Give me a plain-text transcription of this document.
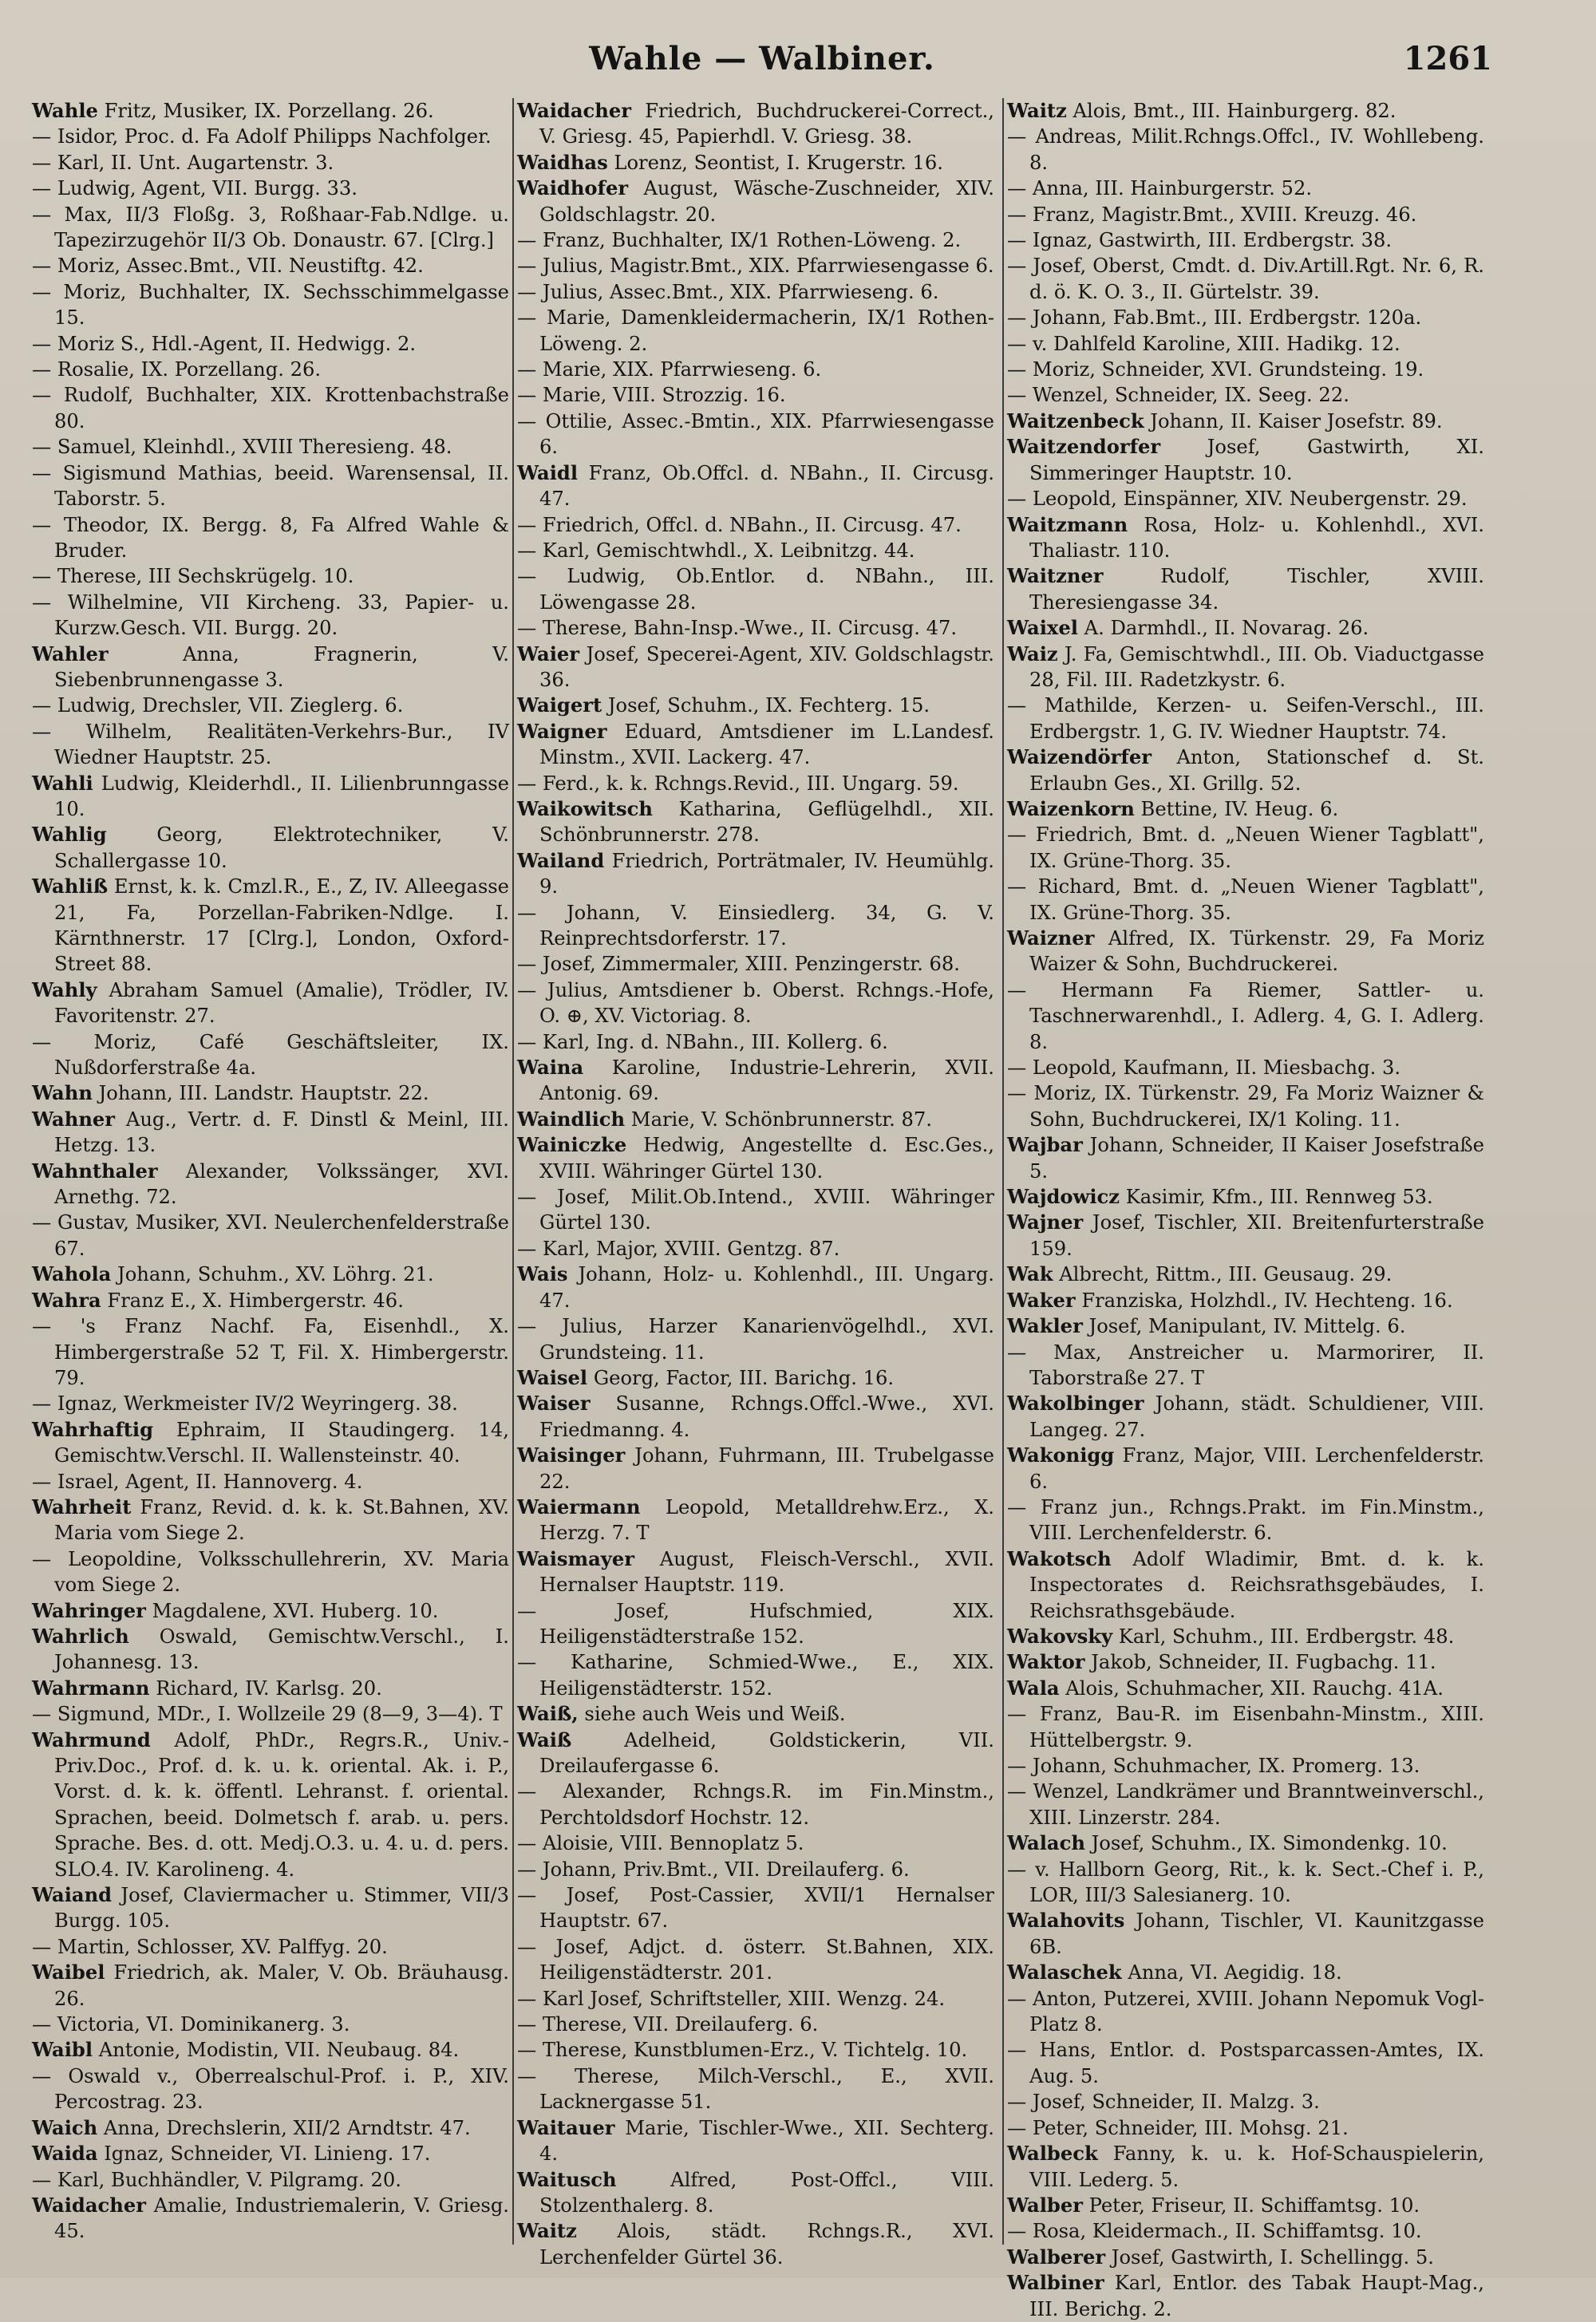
Wahle — Walbiner.	1261
Wahle Fritz, Musiker, IX. Porzellang. 26.
— Isidor, Proc. d. Fa Adolf Philipps Nachfolger.
— Karl, II. Unt. Augartenstr. 3.
— Ludwig, Agent, VII. Burgg. 33.
— Max, II/3 Floßg. 3, Roßhaar-Fab.Ndlge. u. Tapezirzugehör II/3 Ob. Donaustr. 67. [Clrg.]
— Moriz, Assec.Bmt., VII. Neustiftg. 42.
— Moriz, Buchhalter, IX. Sechsschimmelgasse 15.
— Moriz S., Hdl.-Agent, II. Hedwigg. 2.
— Rosalie, IX. Porzellang. 26.
— Rudolf, Buchhalter, XIX. Krottenbachstraße 80.
— Samuel, Kleinhdl., XVIII Theresieng. 48.
— Sigismund Mathias, beeid. Warensensal, II. Taborstr. 5.
— Theodor, IX. Bergg. 8, Fa Alfred Wahle & Bruder.
— Therese, III Sechskrügelg. 10.
— Wilhelmine, VII Kircheng. 33, Papier- u. Kurzw.Gesch. VII. Burgg. 20.
Wahler Anna, Fragnerin, V. Siebenbrunnengasse 3.
— Ludwig, Drechsler, VII. Zieglerg. 6.
— Wilhelm, Realitäten-Verkehrs-Bur., IV Wiedner Hauptstr. 25.
Wahli Ludwig, Kleiderhdl., II. Lilienbrunngasse 10.
Wahlig Georg, Elektrotechniker, V. Schallergasse 10.
Wahliß Ernst, k. k. Cmzl.R., E., Z, IV. Alleegasse 21, Fa, Porzellan-Fabriken-Ndlge. I. Kärnthnerstr. 17 [Clrg.], London, Oxford-Street 88.
Wahly Abraham Samuel (Amalie), Trödler, IV. Favoritenstr. 27.
— Moriz, Café Geschäftsleiter, IX. Nußdorferstraße 4a.
Wahn Johann, III. Landstr. Hauptstr. 22.
Wahner Aug., Vertr. d. F. Dinstl & Meinl, III. Hetzg. 13.
Wahnthaler Alexander, Volkssänger, XVI. Arnethg. 72.
— Gustav, Musiker, XVI. Neulerchenfelderstraße 67.
Wahola Johann, Schuhm., XV. Löhrg. 21.
Wahra Franz E., X. Himbergerstr. 46.
— 's Franz Nachf. Fa, Eisenhdl., X. Himbergerstraße 52 T, Fil. X. Himbergerstr. 79.
— Ignaz, Werkmeister IV/2 Weyringerg. 38.
Wahrhaftig Ephraim, II Staudingerg. 14, Gemischtw.Verschl. II. Wallensteinstr. 40.
— Israel, Agent, II. Hannoverg. 4.
Wahrheit Franz, Revid. d. k. k. St.Bahnen, XV. Maria vom Siege 2.
— Leopoldine, Volksschullehrerin, XV. Maria vom Siege 2.
Wahringer Magdalene, XVI. Huberg. 10.
Wahrlich Oswald, Gemischtw.Verschl., I. Johannesg. 13.
Wahrmann Richard, IV. Karlsg. 20.
— Sigmund, MDr., I. Wollzeile 29 (8—9, 3—4). T
Wahrmund Adolf, PhDr., Regrs.R., Univ.-Priv.Doc., Prof. d. k. u. k. oriental. Ak. i. P., Vorst. d. k. k. öffentl. Lehranst. f. oriental. Sprachen, beeid. Dolmetsch f. arab. u. pers. Sprache. Bes. d. ott. Medj.O.3. u. 4. u. d. pers. SLO.4. IV. Karolineng. 4.
Waiand Josef, Claviermacher u. Stimmer, VII/3 Burgg. 105.
— Martin, Schlosser, XV. Palffyg. 20.
Waibel Friedrich, ak. Maler, V. Ob. Bräuhausg. 26.
— Victoria, VI. Dominikanerg. 3.
Waibl Antonie, Modistin, VII. Neubaug. 84.
— Oswald v., Oberrealschul-Prof. i. P., XIV. Percostrag. 23.
Waich Anna, Drechslerin, XII/2 Arndtstr. 47.
Waida Ignaz, Schneider, VI. Linieng. 17.
— Karl, Buchhändler, V. Pilgramg. 20.
Waidacher Amalie, Industriemalerin, V. Griesg. 45.
Waidacher Friedrich, Buchdruckerei-Correct., V. Griesg. 45, Papierhdl. V. Griesg. 38.
Waidhas Lorenz, Seontist, I. Krugerstr. 16.
Waidhofer August, Wäsche-Zuschneider, XIV. Goldschlagstr. 20.
— Franz, Buchhalter, IX/1 Rothen-Löweng. 2.
— Julius, Magistr.Bmt., XIX. Pfarrwiesengasse 6.
— Julius, Assec.Bmt., XIX. Pfarrwieseng. 6.
— Marie, Damenkleidermacherin, IX/1 Rothen-Löweng. 2.
— Marie, XIX. Pfarrwieseng. 6.
— Marie, VIII. Strozzig. 16.
— Ottilie, Assec.-Bmtin., XIX. Pfarrwiesengasse 6.
Waidl Franz, Ob.Offcl. d. NBahn., II. Circusg. 47.
— Friedrich, Offcl. d. NBahn., II. Circusg. 47.
— Karl, Gemischtwhdl., X. Leibnitzg. 44.
— Ludwig, Ob.Entlor. d. NBahn., III. Löwengasse 28.
— Therese, Bahn-Insp.-Wwe., II. Circusg. 47.
Waier Josef, Specerei-Agent, XIV. Goldschlagstr. 36.
Waigert Josef, Schuhm., IX. Fechterg. 15.
Waigner Eduard, Amtsdiener im L.Landesf. Minstm., XVII. Lackerg. 47.
— Ferd., k. k. Rchngs.Revid., III. Ungarg. 59.
Waikowitsch Katharina, Geflügelhdl., XII. Schönbrunnerstr. 278.
Wailand Friedrich, Porträtmaler, IV. Heumühlg. 9.
— Johann, V. Einsiedlerg. 34, G. V. Reinprechtsdorferstr. 17.
— Josef, Zimmermaler, XIII. Penzingerstr. 68.
— Julius, Amtsdiener b. Oberst. Rchngs.-Hofe, O. ⊕, XV. Victoriag. 8.
— Karl, Ing. d. NBahn., III. Kollerg. 6.
Waina Karoline, Industrie-Lehrerin, XVII. Antonig. 69.
Waindlich Marie, V. Schönbrunnerstr. 87.
Wainiczke Hedwig, Angestellte d. Esc.Ges., XVIII. Währinger Gürtel 130.
— Josef, Milit.Ob.Intend., XVIII. Währinger Gürtel 130.
— Karl, Major, XVIII. Gentzg. 87.
Wais Johann, Holz- u. Kohlenhdl., III. Ungarg. 47.
— Julius, Harzer Kanarienvögelhdl., XVI. Grundsteing. 11.
Waisel Georg, Factor, III. Barichg. 16.
Waiser Susanne, Rchngs.Offcl.-Wwe., XVI. Friedmanng. 4.
Waisinger Johann, Fuhrmann, III. Trubelgasse 22.
Waiermann Leopold, Metalldrehw.Erz., X. Herzg. 7. T
Waismayer August, Fleisch-Verschl., XVII. Hernalser Hauptstr. 119.
— Josef, Hufschmied, XIX. Heiligenstädterstraße 152.
— Katharine, Schmied-Wwe., E., XIX. Heiligenstädterstr. 152.
Waiß, siehe auch Weis und Weiß.
Waiß Adelheid, Goldstickerin, VII. Dreilaufergasse 6.
— Alexander, Rchngs.R. im Fin.Minstm., Perchtoldsdorf Hochstr. 12.
— Aloisie, VIII. Bennoplatz 5.
— Johann, Priv.Bmt., VII. Dreilauferg. 6.
— Josef, Post-Cassier, XVII/1 Hernalser Hauptstr. 67.
— Josef, Adjct. d. österr. St.Bahnen, XIX. Heiligenstädterstr. 201.
— Karl Josef, Schriftsteller, XIII. Wenzg. 24.
— Therese, VII. Dreilauferg. 6.
— Therese, Kunstblumen-Erz., V. Tichtelg. 10.
— Therese, Milch-Verschl., E., XVII. Lacknergasse 51.
Waitauer Marie, Tischler-Wwe., XII. Sechterg. 4.
Waitusch Alfred, Post-Offcl., VIII. Stolzenthalerg. 8.
Waitz Alois, städt. Rchngs.R., XVI. Lerchenfelder Gürtel 36.
Waitz Alois, Bmt., III. Hainburgerg. 82.
— Andreas, Milit.Rchngs.Offcl., IV. Wohllebeng. 8.
— Anna, III. Hainburgerstr. 52.
— Franz, Magistr.Bmt., XVIII. Kreuzg. 46.
— Ignaz, Gastwirth, III. Erdbergstr. 38.
— Josef, Oberst, Cmdt. d. Div.Artill.Rgt. Nr. 6, R. d. ö. K. O. 3., II. Gürtelstr. 39.
— Johann, Fab.Bmt., III. Erdbergstr. 120a.
— v. Dahlfeld Karoline, XIII. Hadikg. 12.
— Moriz, Schneider, XVI. Grundsteing. 19.
— Wenzel, Schneider, IX. Seeg. 22.
Waitzenbeck Johann, II. Kaiser Josefstr. 89.
Waitzendorfer Josef, Gastwirth, XI. Simmeringer Hauptstr. 10.
— Leopold, Einspänner, XIV. Neubergenstr. 29.
Waitzmann Rosa, Holz- u. Kohlenhdl., XVI. Thaliastr. 110.
Waitzner Rudolf, Tischler, XVIII. Theresiengasse 34.
Waixel A. Darmhdl., II. Novarag. 26.
Waiz J. Fa, Gemischtwhdl., III. Ob. Viaductgasse 28, Fil. III. Radetzkystr. 6.
— Mathilde, Kerzen- u. Seifen-Verschl., III. Erdbergstr. 1, G. IV. Wiedner Hauptstr. 74.
Waizendörfer Anton, Stationschef d. St. Erlaubn Ges., XI. Grillg. 52.
Waizenkorn Bettine, IV. Heug. 6.
— Friedrich, Bmt. d. „Neuen Wiener Tagblatt", IX. Grüne-Thorg. 35.
— Richard, Bmt. d. „Neuen Wiener Tagblatt", IX. Grüne-Thorg. 35.
Waizner Alfred, IX. Türkenstr. 29, Fa Moriz Waizer & Sohn, Buchdruckerei.
— Hermann Fa Riemer, Sattler- u. Taschnerwarenhdl., I. Adlerg. 4, G. I. Adlerg. 8.
— Leopold, Kaufmann, II. Miesbachg. 3.
— Moriz, IX. Türkenstr. 29, Fa Moriz Waizner & Sohn, Buchdruckerei, IX/1 Koling. 11.
Wajbar Johann, Schneider, II Kaiser Josefstraße 5.
Wajdowicz Kasimir, Kfm., III. Rennweg 53.
Wajner Josef, Tischler, XII. Breitenfurterstraße 159.
Wak Albrecht, Rittm., III. Geusaug. 29.
Waker Franziska, Holzhdl., IV. Hechteng. 16.
Wakler Josef, Manipulant, IV. Mittelg. 6.
— Max, Anstreicher u. Marmorirer, II. Taborstraße 27. T
Wakolbinger Johann, städt. Schuldiener, VIII. Langeg. 27.
Wakonigg Franz, Major, VIII. Lerchenfelderstr. 6.
— Franz jun., Rchngs.Prakt. im Fin.Minstm., VIII. Lerchenfelderstr. 6.
Wakotsch Adolf Wladimir, Bmt. d. k. k. Inspectorates d. Reichsrathsgebäudes, I. Reichsrathsgebäude.
Wakovsky Karl, Schuhm., III. Erdbergstr. 48.
Waktor Jakob, Schneider, II. Fugbachg. 11.
Wala Alois, Schuhmacher, XII. Rauchg. 41A.
— Franz, Bau-R. im Eisenbahn-Minstm., XIII. Hüttelbergstr. 9.
— Johann, Schuhmacher, IX. Promerg. 13.
— Wenzel, Landkrämer und Branntweinverschl., XIII. Linzerstr. 284.
Walach Josef, Schuhm., IX. Simondenkg. 10.
— v. Hallborn Georg, Rit., k. k. Sect.-Chef i. P., LOR, III/3 Salesianerg. 10.
Walahovits Johann, Tischler, VI. Kaunitzgasse 6B.
Walaschek Anna, VI. Aegidig. 18.
— Anton, Putzerei, XVIII. Johann Nepomuk Vogl-Platz 8.
— Hans, Entlor. d. Postsparcassen-Amtes, IX. Aug. 5.
— Josef, Schneider, II. Malzg. 3.
— Peter, Schneider, III. Mohsg. 21.
Walbeck Fanny, k. u. k. Hof-Schauspielerin, VIII. Lederg. 5.
Walber Peter, Friseur, II. Schiffamtsg. 10.
— Rosa, Kleidermach., II. Schiffamtsg. 10.
Walberer Josef, Gastwirth, I. Schellingg. 5.
Walbiner Karl, Entlor. des Tabak Haupt-Mag., III. Berichg. 2.
